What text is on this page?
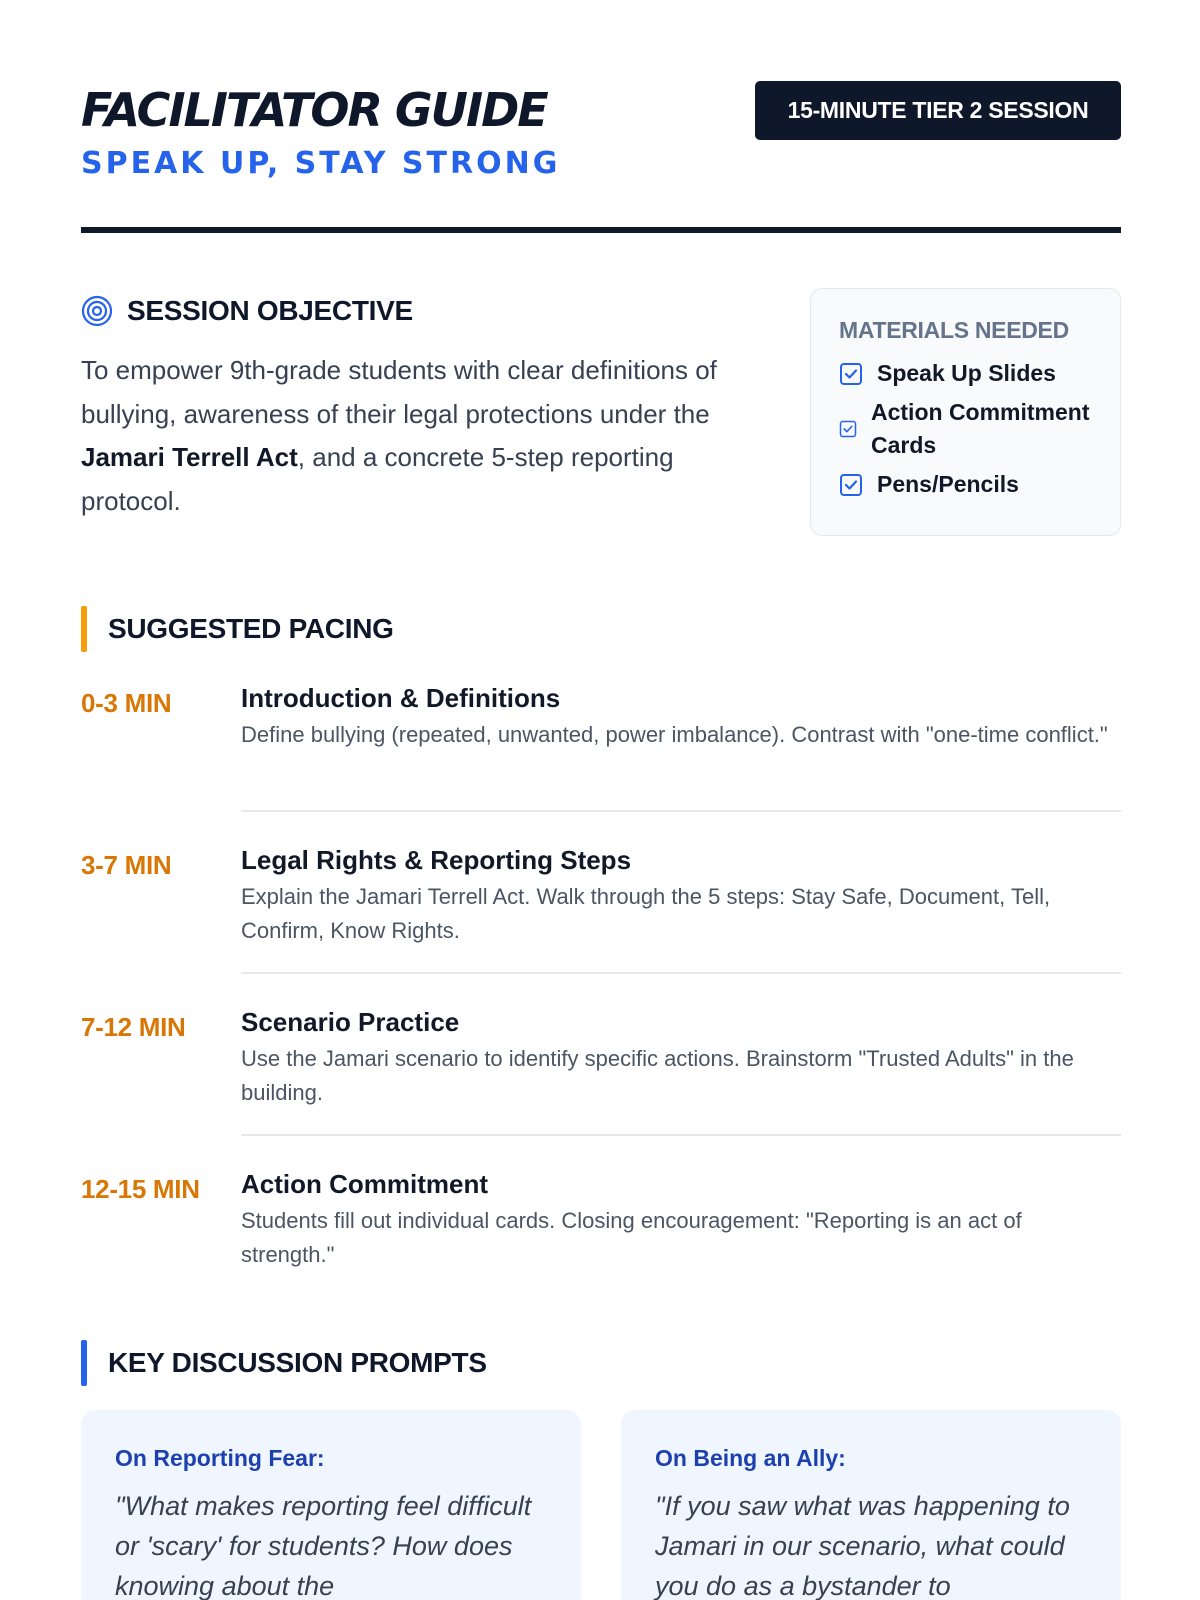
FACILITATOR GUIDE
SPEAK UP, STAY STRONG
15-MINUTE TIER 2 SESSION
SESSION OBJECTIVE

To empower 9th-grade students with clear definitions of bullying, awareness of their legal protections under the Jamari Terrell Act, and a concrete 5-step reporting protocol.

MATERIALS NEEDED
Speak Up Slides
Action Commitment Cards
Pens/Pencils
SUGGESTED PACING
0-3 MIN	Introduction & Definitions
Define bullying (repeated, unwanted, power imbalance). Contrast with "one-time conflict."
3-7 MIN	Legal Rights & Reporting Steps
Explain the Jamari Terrell Act. Walk through the 5 steps: Stay Safe, Document, Tell, Confirm, Know Rights.
7-12 MIN Scenario Practice
Use the Jamari scenario to identify specific actions. Brainstorm "Trusted Adults" in the building.
12-15 MIN Action Commitment
Students fill out individual cards. Closing encouragement: "Reporting is an act of strength."
KEY DISCUSSION PROMPTS
On Reporting Fear:
"What makes reporting feel difficult or 'scary' for students? How does knowing about the
On Being an Ally:
"If you saw what was happening to Jamari in our scenario, what could you do as a bystander to
